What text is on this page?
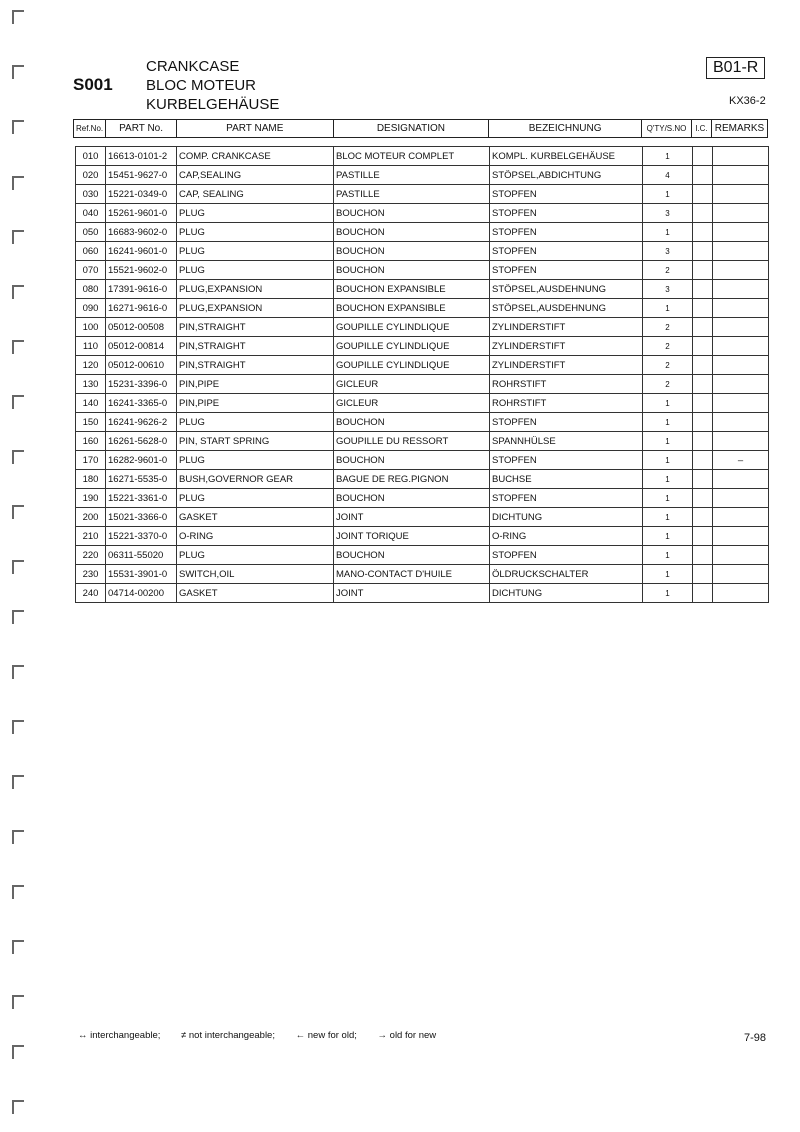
S001
CRANKCASE
BLOC MOTEUR
KURBELGEHÄUSE
B01-R
KX36-2
Ref.No.	PART No.	PART NAME	DESIGNATION	BEZEICHNUNG	Q'TY/S.NO	I.C.	REMARKS
010	16613-0101-2	COMP. CRANKCASE	BLOC MOTEUR COMPLET	KOMPL. KURBELGEHÄUSE	1		
020	15451-9627-0	CAP,SEALING	PASTILLE	STÖPSEL,ABDICHTUNG	4		
030	15221-0349-0	CAP, SEALING	PASTILLE	STOPFEN	1		
040	15261-9601-0	PLUG	BOUCHON	STOPFEN	3		
050	16683-9602-0	PLUG	BOUCHON	STOPFEN	1		
060	16241-9601-0	PLUG	BOUCHON	STOPFEN	3		
070	15521-9602-0	PLUG	BOUCHON	STOPFEN	2		
080	17391-9616-0	PLUG,EXPANSION	BOUCHON EXPANSIBLE	STÖPSEL,AUSDEHNUNG	3		
090	16271-9616-0	PLUG,EXPANSION	BOUCHON EXPANSIBLE	STÖPSEL,AUSDEHNUNG	1		
100	05012-00508	PIN,STRAIGHT	GOUPILLE CYLINDLIQUE	ZYLINDERSTIFT	2		
110	05012-00814	PIN,STRAIGHT	GOUPILLE CYLINDLIQUE	ZYLINDERSTIFT	2		
120	05012-00610	PIN,STRAIGHT	GOUPILLE CYLINDLIQUE	ZYLINDERSTIFT	2		
130	15231-3396-0	PIN,PIPE	GICLEUR	ROHRSTIFT	2		
140	16241-3365-0	PIN,PIPE	GICLEUR	ROHRSTIFT	1		
150	16241-9626-2	PLUG	BOUCHON	STOPFEN	1		
160	16261-5628-0	PIN, START SPRING	GOUPILLE DU RESSORT	SPANNHÜLSE	1		
170	16282-9601-0	PLUG	BOUCHON	STOPFEN	1		–
180	16271-5535-0	BUSH,GOVERNOR GEAR	BAGUE DE REG.PIGNON	BUCHSE	1		
190	15221-3361-0	PLUG	BOUCHON	STOPFEN	1		
200	15021-3366-0	GASKET	JOINT	DICHTUNG	1		
210	15221-3370-0	O-RING	JOINT TORIQUE	O-RING	1		
220	06311-55020	PLUG	BOUCHON	STOPFEN	1		
230	15531-3901-0	SWITCH,OIL	MANO-CONTACT D'HUILE	ÖLDRUCKSCHALTER	1		
240	04714-00200	GASKET	JOINT	DICHTUNG	1		
↔ interchangeable; ≠ not interchangeable; ← new for old; → old for new	7-98
